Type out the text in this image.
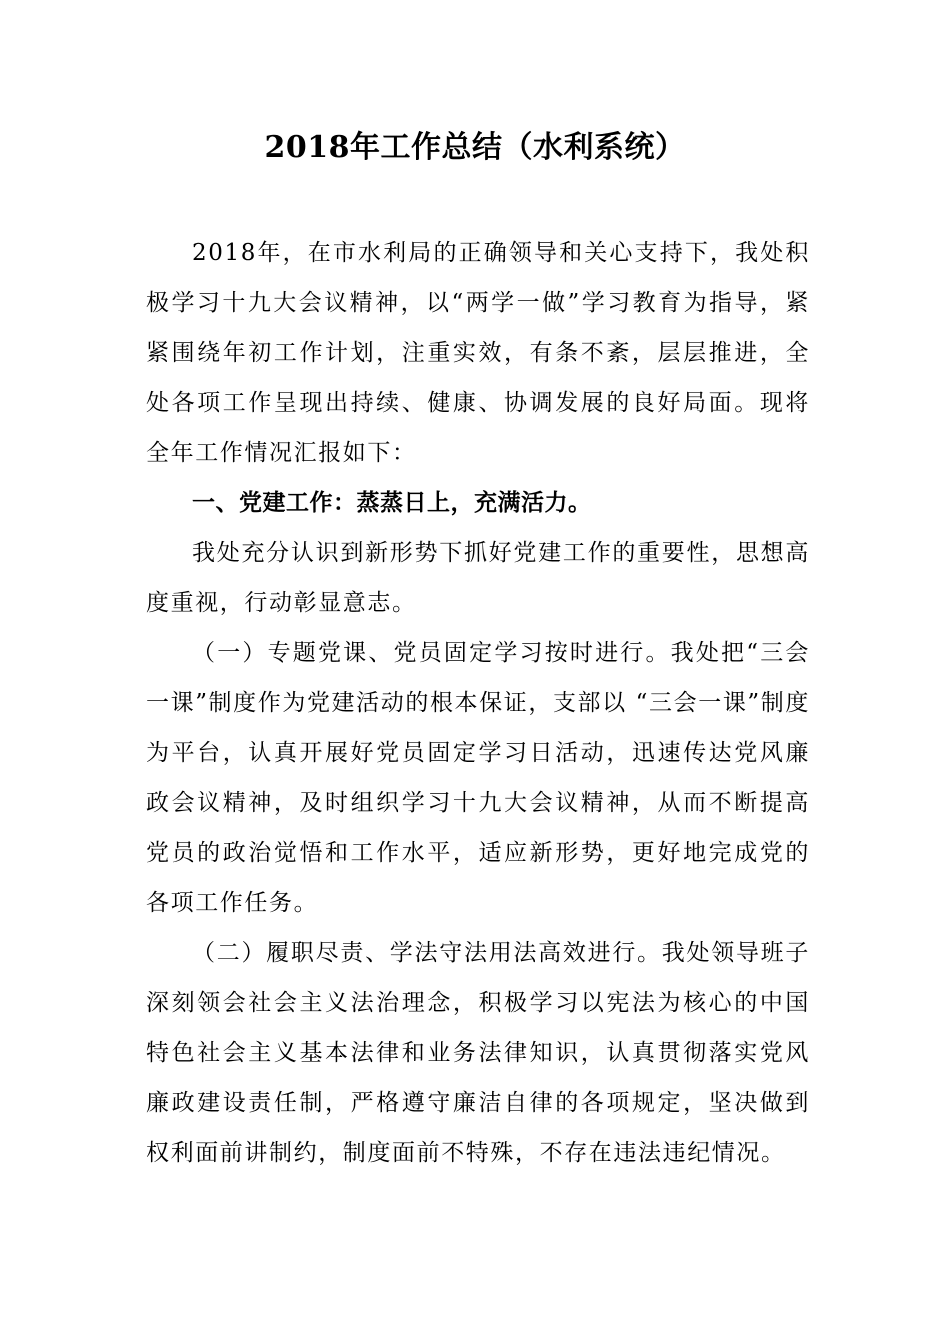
2018年工作总结（水利系统）

2018年，在市水利局的正确领导和关心支持下，我处积极学习十九大会议精神，以“两学一做”学习教育为指导，紧紧围绕年初工作计划，注重实效，有条不紊，层层推进，全处各项工作呈现出持续、健康、协调发展的良好局面。现将全年工作情况汇报如下：

一、党建工作：蒸蒸日上，充满活力。

我处充分认识到新形势下抓好党建工作的重要性，思想高度重视，行动彰显意志。

（一）专题党课、党员固定学习按时进行。我处把“三会一课”制度作为党建活动的根本保证，支部以 “三会一课”制度为平台，认真开展好党员固定学习日活动，迅速传达党风廉政会议精神，及时组织学习十九大会议精神，从而不断提高党员的政治觉悟和工作水平，适应新形势，更好地完成党的各项工作任务。

（二）履职尽责、学法守法用法高效进行。我处领导班子深刻领会社会主义法治理念，积极学习以宪法为核心的中国特色社会主义基本法律和业务法律知识，认真贯彻落实党风廉政建设责任制，严格遵守廉洁自律的各项规定，坚决做到权利面前讲制约，制度面前不特殊，不存在违法违纪情况。
